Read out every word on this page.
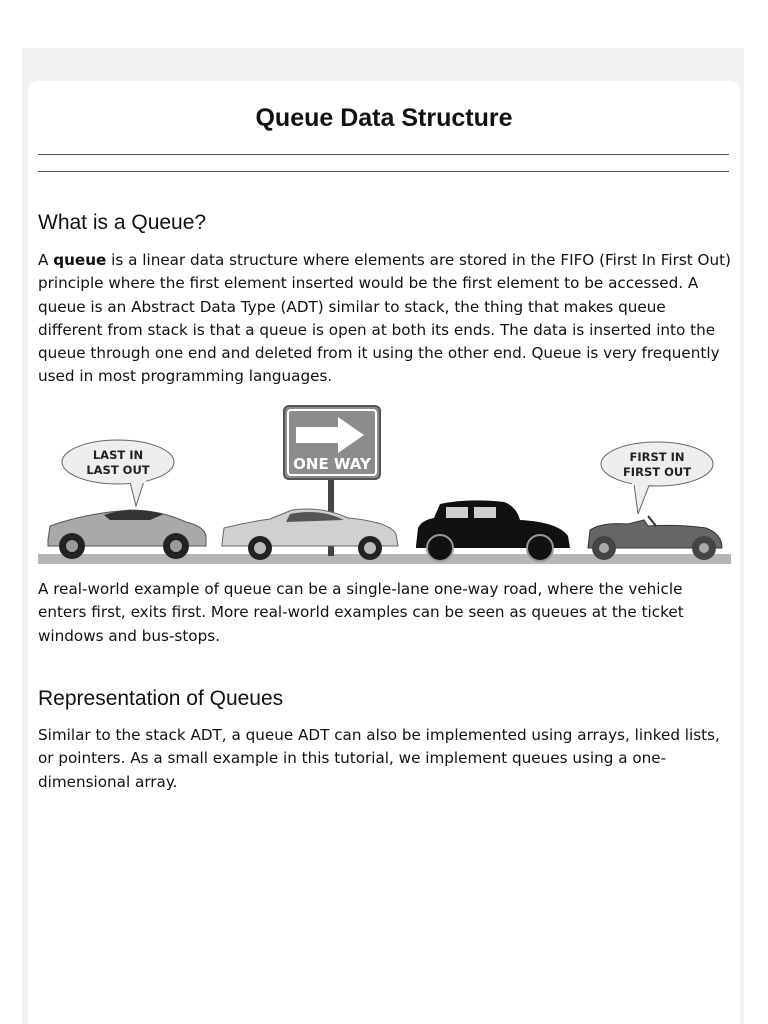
Queue Data Structure
What is a Queue?

A queue is a linear data structure where elements are stored in the FIFO (First In First Out) principle where the first element inserted would be the first element to be accessed. A queue is an Abstract Data Type (ADT) similar to stack, the thing that makes queue different from stack is that a queue is open at both its ends. The data is inserted into the queue through one end and deleted from it using the other end. Queue is very frequently used in most programming languages.

LAST IN
LAST OUT	ONE WAY	FIRST IN
FIRST OUT

A real-world example of queue can be a single-lane one-way road, where the vehicle enters first, exits first. More real-world examples can be seen as queues at the ticket windows and bus-stops.

Representation of Queues

Similar to the stack ADT, a queue ADT can also be implemented using arrays, linked lists, or pointers. As a small example in this tutorial, we implement queues using a one-dimensional array.
